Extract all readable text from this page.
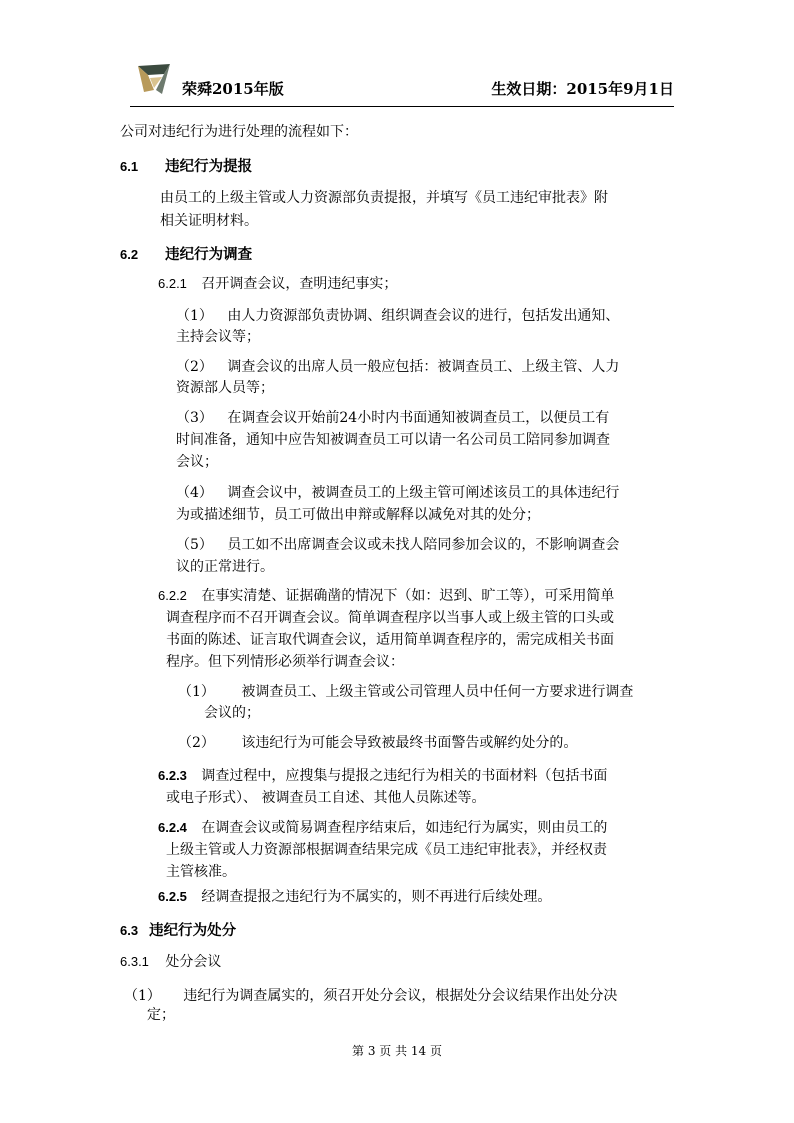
荣舜2015年版	生效日期：2015年9月1日
公司对违纪行为进行处理的流程如下：
6.1 违纪行为提报
由员工的上级主管或人力资源部负责提报，并填写《员工违纪审批表》附
相关证明材料。
6.2 违纪行为调查
6.2.1 召开调查会议，查明违纪事实；
（1） 由人力资源部负责协调、组织调查会议的进行，包括发出通知、
主持会议等；
（2） 调查会议的出席人员一般应包括：被调查员工、上级主管、人力
资源部人员等；
（3） 在调查会议开始前24小时内书面通知被调查员工，以便员工有
时间准备，通知中应告知被调查员工可以请一名公司员工陪同参加调查
会议；
（4） 调查会议中，被调查员工的上级主管可阐述该员工的具体违纪行
为或描述细节，员工可做出申辩或解释以减免对其的处分；
（5） 员工如不出席调查会议或未找人陪同参加会议的，不影响调查会
议的正常进行。
6.2.2 在事实清楚、证据确凿的情况下（如：迟到、旷工等），可采用简单
调查程序而不召开调查会议。简单调查程序以当事人或上级主管的口头或
书面的陈述、证言取代调查会议，适用简单调查程序的，需完成相关书面
程序。但下列情形必须举行调查会议：
（1） 被调查员工、上级主管或公司管理人员中任何一方要求进行调查
会议的；
（2） 该违纪行为可能会导致被最终书面警告或解约处分的。
6.2.3 调查过程中，应搜集与提报之违纪行为相关的书面材料（包括书面
或电子形式）、 被调查员工自述、其他人员陈述等。
6.2.4 在调查会议或简易调查程序结束后，如违纪行为属实，则由员工的
上级主管或人力资源部根据调查结果完成《员工违纪审批表》，并经权责
主管核准。
6.2.5 经调查提报之违纪行为不属实的，则不再进行后续处理。
6.3 违纪行为处分
6.3.1 处分会议
（1） 违纪行为调查属实的，须召开处分会议，根据处分会议结果作出处分决
定；
第 3 页 共 14 页
